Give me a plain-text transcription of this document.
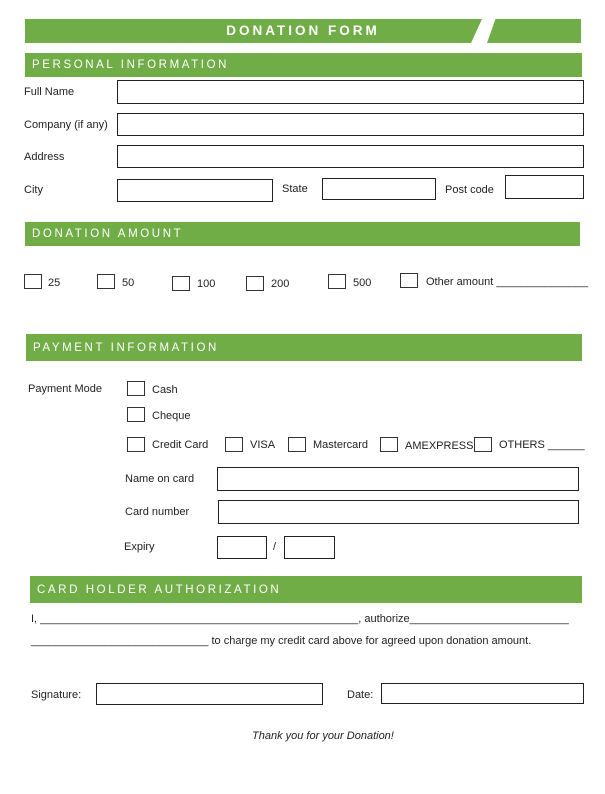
DONATION FORM
PERSONAL INFORMATION
Full Name
Company (if any)
Address
City	State	Post code
DONATION AMOUNT
25	50	100	200	500	Other amount _______________
PAYMENT INFORMATION
Payment Mode	Cash
Cheque
Credit Card	VISA	Mastercard	AMEXPRESS OTHERS ______
Name on card
Card number
Expiry	/
CARD HOLDER AUTHORIZATION
I, ____________________________________________________, authorize__________________________
_____________________________ to charge my credit card above for agreed upon donation amount.
Signature:	Date:
Thank you for your Donation!
